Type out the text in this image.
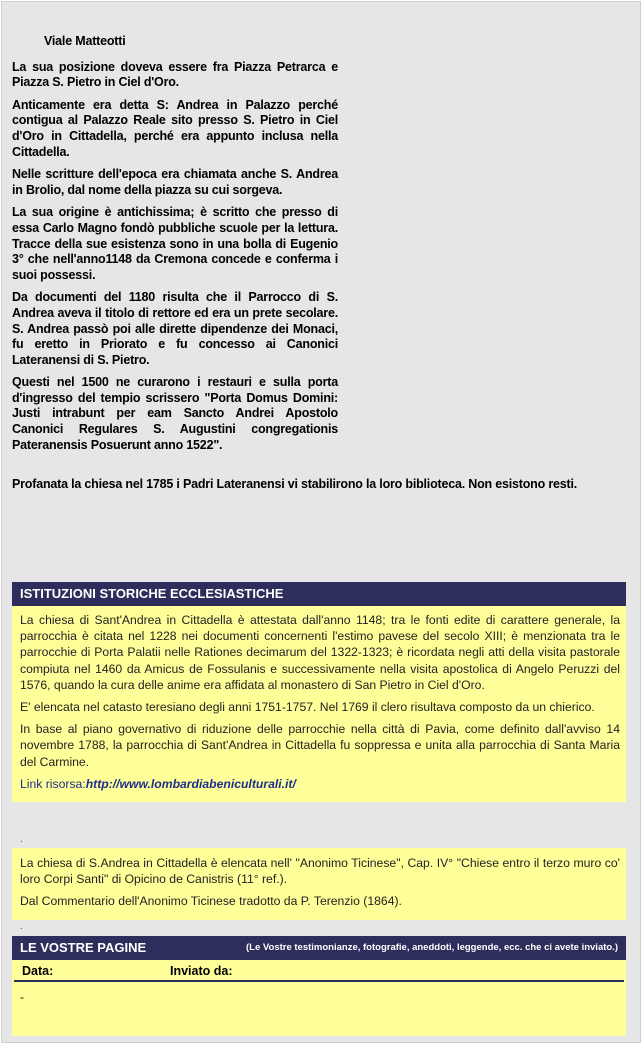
Viale Matteotti

La sua posizione doveva essere fra Piazza Petrarca e Piazza S. Pietro in Ciel d'Oro.

Anticamente era detta S: Andrea in Palazzo perché contigua al Palazzo Reale sito presso S. Pietro in Ciel d'Oro in Cittadella, perché era appunto inclusa nella Cittadella.

Nelle scritture dell'epoca era chiamata anche S. Andrea in Brolio, dal nome della piazza su cui sorgeva.

La sua origine è antichissima; è scritto che presso di essa Carlo Magno fondò pubbliche scuole per la lettura. Tracce della sue esistenza sono in una bolla di Eugenio 3° che nell'anno1148 da Cremona concede e conferma i suoi possessi.

Da documenti del 1180 risulta che il Parrocco di S. Andrea aveva il titolo di rettore ed era un prete secolare. S. Andrea passò poi alle dirette dipendenze dei Monaci, fu eretto in Priorato e fu concesso ai Canonici Lateranensi di S. Pietro.

Questi nel 1500 ne curarono i restauri e sulla porta d'ingresso del tempio scrissero "Porta Domus Domini: Justi intrabunt per eam Sancto Andrei Apostolo Canonici Regulares S. Augustini congregationis Pateranensis Posuerunt anno 1522".

Profanata la chiesa nel 1785 i Padri Lateranensi vi stabilirono la loro biblioteca. Non esistono resti.
ISTITUZIONI STORICHE ECCLESIASTICHE

La chiesa di Sant'Andrea in Cittadella è attestata dall'anno 1148; tra le fonti edite di carattere generale, la parrocchia è citata nel 1228 nei documenti concernenti l'estimo pavese del secolo XIII; è menzionata tra le parrocchie di Porta Palatii nelle Rationes decimarum del 1322-1323; è ricordata negli atti della visita pastorale compiuta nel 1460 da Amicus de Fossulanis e successivamente nella visita apostolica di Angelo Peruzzi del 1576, quando la cura delle anime era affidata al monastero di San Pietro in Ciel d'Oro.

E' elencata nel catasto teresiano degli anni 1751-1757. Nel 1769 il clero risultava composto da un chierico.

In base al piano governativo di riduzione delle parrocchie nella città di Pavia, come definito dall'avviso 14 novembre 1788, la parrocchia di Sant'Andrea in Cittadella fu soppressa e unita alla parrocchia di Santa Maria del Carmine.

Link risorsa:http://www.lombardiabeniculturali.it/

.

La chiesa di S.Andrea in Cittadella è elencata nell' "Anonimo Ticinese", Cap. IV° "Chiese entro il terzo muro co' loro Corpi Santi" di Opicino de Canistris (11° ref.).

Dal Commentario dell'Anonimo Ticinese tradotto da P. Terenzio (1864).

.
LE VOSTRE PAGINE	(Le Vostre testimonianze, fotografie, aneddoti, leggende, ecc. che ci avete inviato.)
Data:	Inviato da:
-
